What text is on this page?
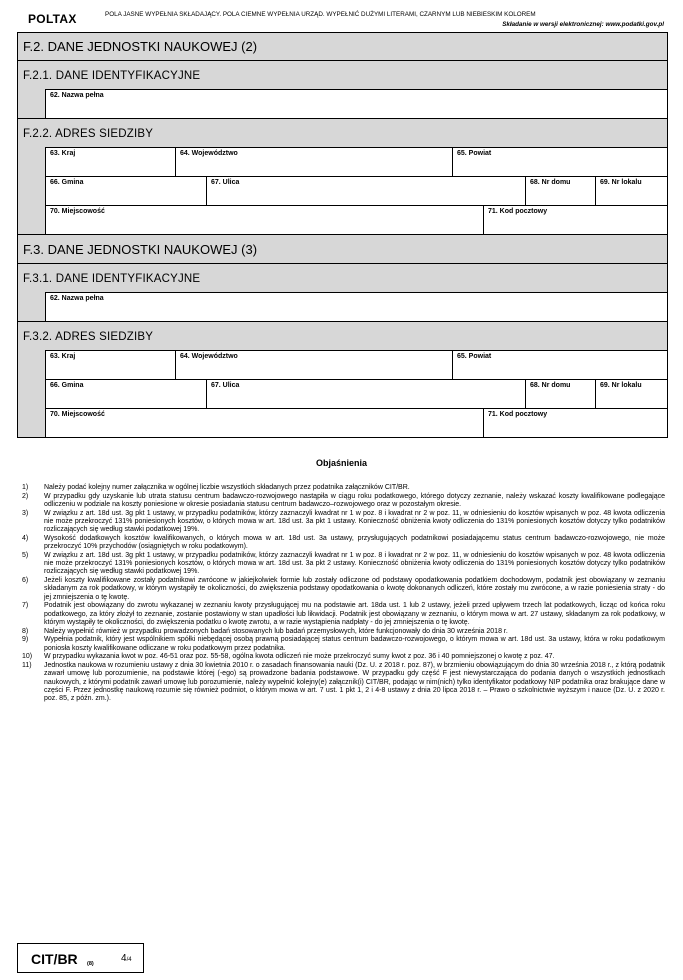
POLTAX	POLA JASNE WYPEŁNIA SKŁADAJĄCY. POLA CIEMNE WYPEŁNIA URZĄD. WYPEŁNIĆ DUŻYMI LITERAMI, CZARNYM LUB NIEBIESKIM KOLOREM
Składanie w wersji elektronicznej: www.podatki.gov.pl
F.2. DANE JEDNOSTKI NAUKOWEJ (2)
F.2.1. DANE IDENTYFIKACYJNE
62. Nazwa pełna
F.2.2. ADRES SIEDZIBY
63. Kraj	64. Województwo	65. Powiat
66. Gmina	67. Ulica	68. Nr domu	69. Nr lokalu
70. Miejscowość	71. Kod pocztowy
F.3. DANE JEDNOSTKI NAUKOWEJ (3)
F.3.1. DANE IDENTYFIKACYJNE
62. Nazwa pełna
F.3.2. ADRES SIEDZIBY
63. Kraj	64. Województwo	65. Powiat
66. Gmina	67. Ulica	68. Nr domu	69. Nr lokalu
70. Miejscowość	71. Kod pocztowy
Objaśnienia
1)	Należy podać kolejny numer załącznika w ogólnej liczbie wszystkich składanych przez podatnika załączników CIT/BR.
2)	W przypadku gdy uzyskanie lub utrata statusu centrum badawczo-rozwojowego nastąpiła w ciągu roku podatkowego, którego dotyczy zeznanie, należy wskazać koszty kwalifikowane podlegające odliczeniu w podziale na koszty poniesione w okresie posiadania statusu centrum badawczo–rozwojowego oraz w pozostałym okresie.
3)	W związku z art. 18d ust. 3g pkt 1 ustawy, w przypadku podatników, którzy zaznaczyli kwadrat nr 1 w poz. 8 i kwadrat nr 2 w poz. 11, w odniesieniu do kosztów wpisanych w poz. 48 kwota odliczenia nie może przekroczyć 131% poniesionych kosztów, o których mowa w art. 18d ust. 3a pkt 1 ustawy. Konieczność obniżenia kwoty odliczenia do 131% poniesionych kosztów dotyczy tylko podatników rozliczających się według stawki podatkowej 19%.
4)	Wysokość dodatkowych kosztów kwalifikowanych, o których mowa w art. 18d ust. 3a ustawy, przysługujących podatnikowi posiadającemu status centrum badawczo-rozwojowego, nie może przekroczyć 10% przychodów (osiągniętych w roku podatkowym).
5)	W związku z art. 18d ust. 3g pkt 1 ustawy, w przypadku podatników, którzy zaznaczyli kwadrat nr 1 w poz. 8 i kwadrat nr 2 w poz. 11, w odniesieniu do kosztów wpisanych w poz. 48 kwota odliczenia nie może przekroczyć 131% poniesionych kosztów, o których mowa w art. 18d ust. 3a pkt 2 ustawy. Konieczność obniżenia kwoty odliczenia do 131% poniesionych kosztów dotyczy tylko podatników rozliczających się według stawki podatkowej 19%.
6)	Jeżeli koszty kwalifikowane zostały podatnikowi zwrócone w jakiejkolwiek formie lub zostały odliczone od podstawy opodatkowania podatkiem dochodowym, podatnik jest obowiązany w zeznaniu składanym za rok podatkowy, w którym wystąpiły te okoliczności, do zwiększenia podstawy opodatkowania o kwotę dokonanych odliczeń, które zostały mu zwrócone, a w razie poniesienia straty - do jej zmniejszenia o tę kwotę.
7)	Podatnik jest obowiązany do zwrotu wykazanej w zeznaniu kwoty przysługującej mu na podstawie art. 18da ust. 1 lub 2 ustawy, jeżeli przed upływem trzech lat podatkowych, licząc od końca roku podatkowego, za który złożył to zeznanie, zostanie postawiony w stan upadłości lub likwidacji. Podatnik jest obowiązany w zeznaniu, o którym mowa w art. 27 ustawy, składanym za rok podatkowy, w którym wystąpiły te okoliczności, do zwiększenia podatku o kwotę zwrotu, a w razie wystąpienia nadpłaty - do jej zmniejszenia o tę kwotę.
8)	Należy wypełnić również w przypadku prowadzonych badań stosowanych lub badań przemysłowych, które funkcjonowały do dnia 30 września 2018 r.
9)	Wypełnia podatnik, który jest wspólnikiem spółki niebędącej osobą prawną posiadającej status centrum badawczo-rozwojowego, o którym mowa w art. 18d ust. 3a ustawy, która w roku podatkowym poniosła koszty kwalifikowane odliczane w roku podatkowym przez podatnika.
10)	W przypadku wykazania kwot w poz. 46-51 oraz poz. 55-58, ogólna kwota odliczeń nie może przekroczyć sumy kwot z poz. 36 i 40 pomniejszonej o kwotę z poz. 47.
11)	Jednostka naukowa w rozumieniu ustawy z dnia 30 kwietnia 2010 r. o zasadach finansowania nauki (Dz. U. z 2018 r. poz. 87), w brzmieniu obowiązującym do dnia 30 września 2018 r., z którą podatnik zawarł umowę lub porozumienie, na podstawie której (-ego) są prowadzone badania podstawowe. W przypadku gdy część F jest niewystarczająca do podania danych o wszystkich jednostkach naukowych, z którymi podatnik zawarł umowę lub porozumienie, należy wypełnić kolejny(e) załącznik(i) CIT/BR, podając w nim(nich) tylko identyfikator podatkowy NIP podatnika oraz brakujące dane w części F. Przez jednostkę naukową rozumie się również podmiot, o którym mowa w art. 7 ust. 1 pkt 1, 2 i 4-8 ustawy z dnia 20 lipca 2018 r. – Prawo o szkolnictwie wyższym i nauce (Dz. U. z 2020 r. poz. 85, z późn. zm.).
CIT/BR (8)	4/4
